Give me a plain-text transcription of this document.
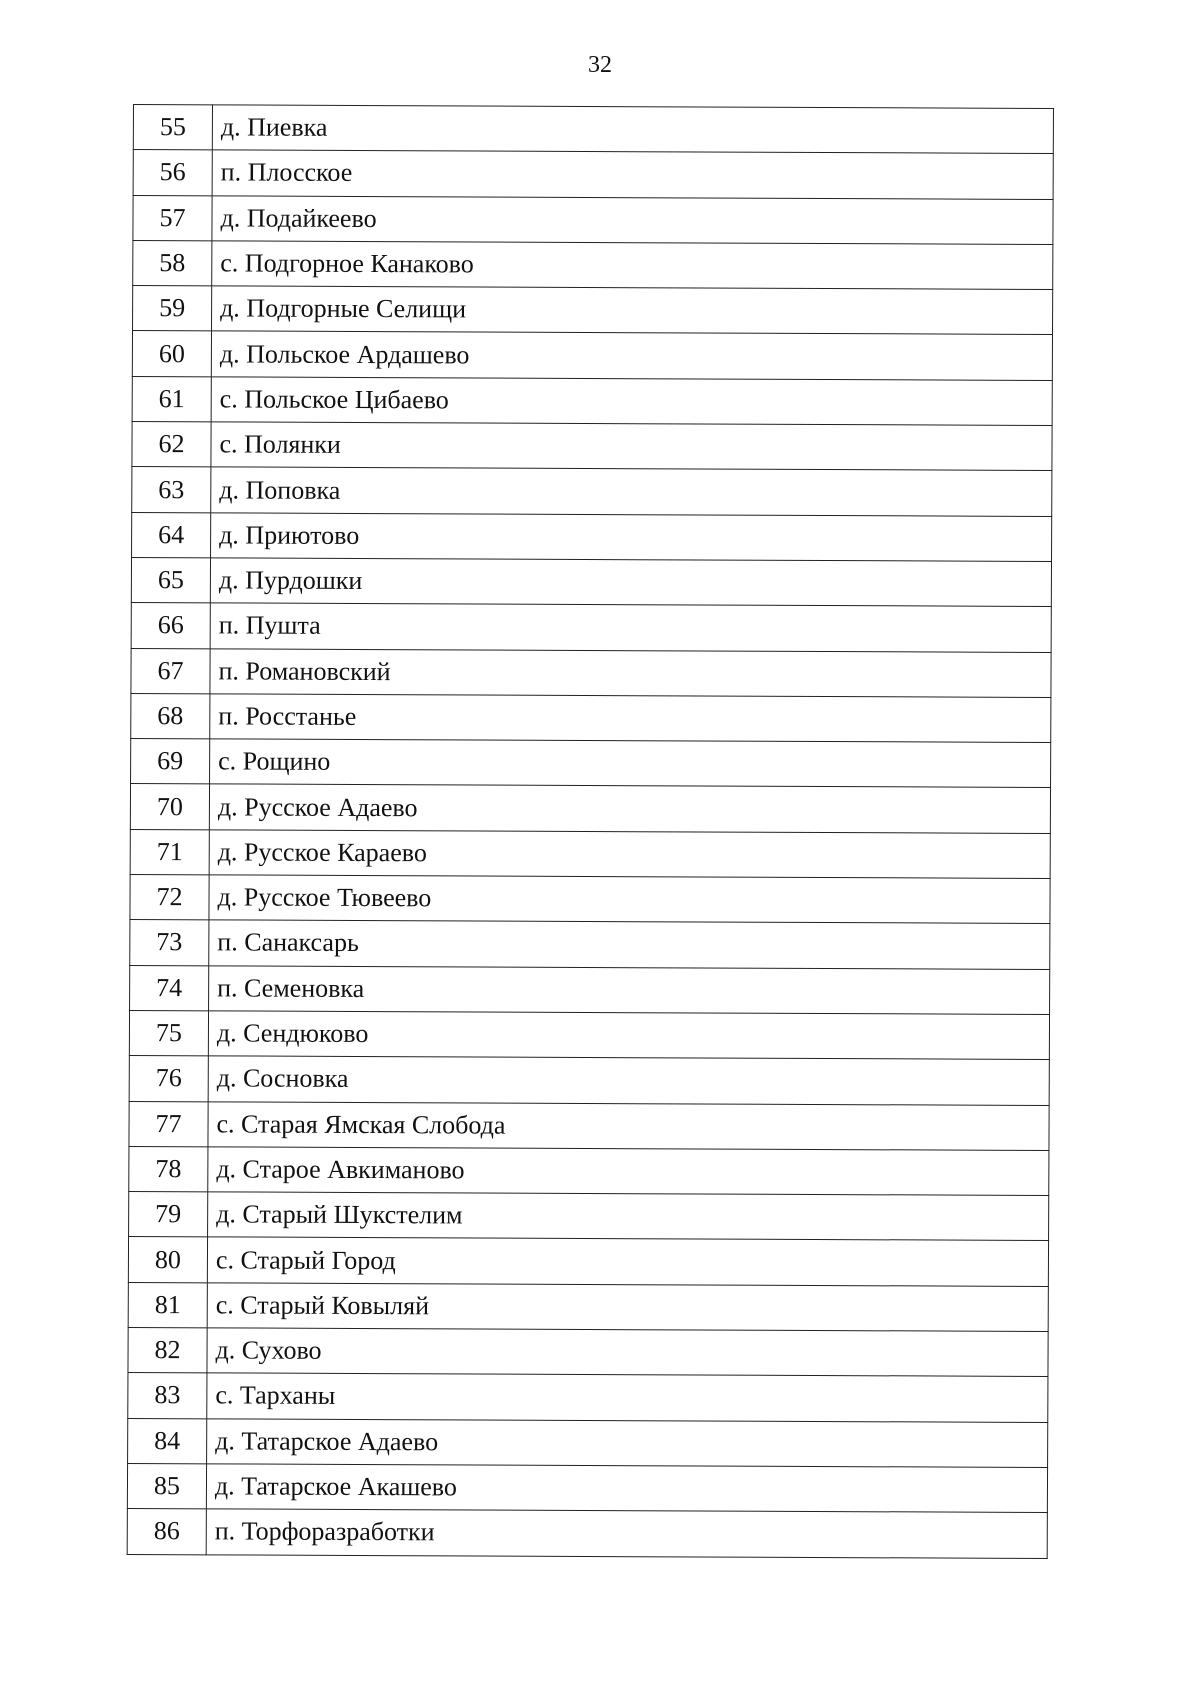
32
55	д. Пиевка
56	п. Плосское
57	д. Подайкеево
58	с. Подгорное Канаково
59	д. Подгорные Селищи
60	д. Польское Ардашево
61	с. Польское Цибаево
62	с. Полянки
63	д. Поповка
64	д. Приютово
65	д. Пурдошки
66	п. Пушта
67	п. Романовский
68	п. Росстанье
69	с. Рощино
70	д. Русское Адаево
71	д. Русское Караево
72	д. Русское Тювеево
73	п. Санаксарь
74	п. Семеновка
75	д. Сендюково
76	д. Сосновка
77	с. Старая Ямская Слобода
78	д. Старое Авкиманово
79	д. Старый Шукстелим
80	с. Старый Город
81	с. Старый Ковыляй
82	д. Сухово
83	с. Тарханы
84	д. Татарское Адаево
85	д. Татарское Акашево
86	п. Торфоразработки
